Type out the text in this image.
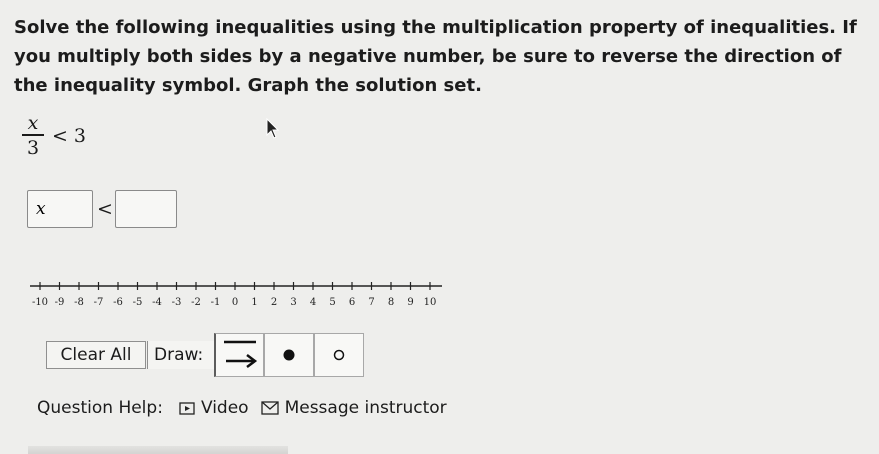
Solve the following inequalities using the multiplication property of inequalities. If you multiply both sides by a negative number, be sure to reverse the direction of the inequality symbol. Graph the solution set.
$\frac{x}{3} < 3$
x
<
-10 -9 -8 -7 -6 -5 -4 -3 -2 -1 0 1 2 3 4 5 6 7 8 9 10
Clear All	Draw:
Question Help: Video Message instructor
